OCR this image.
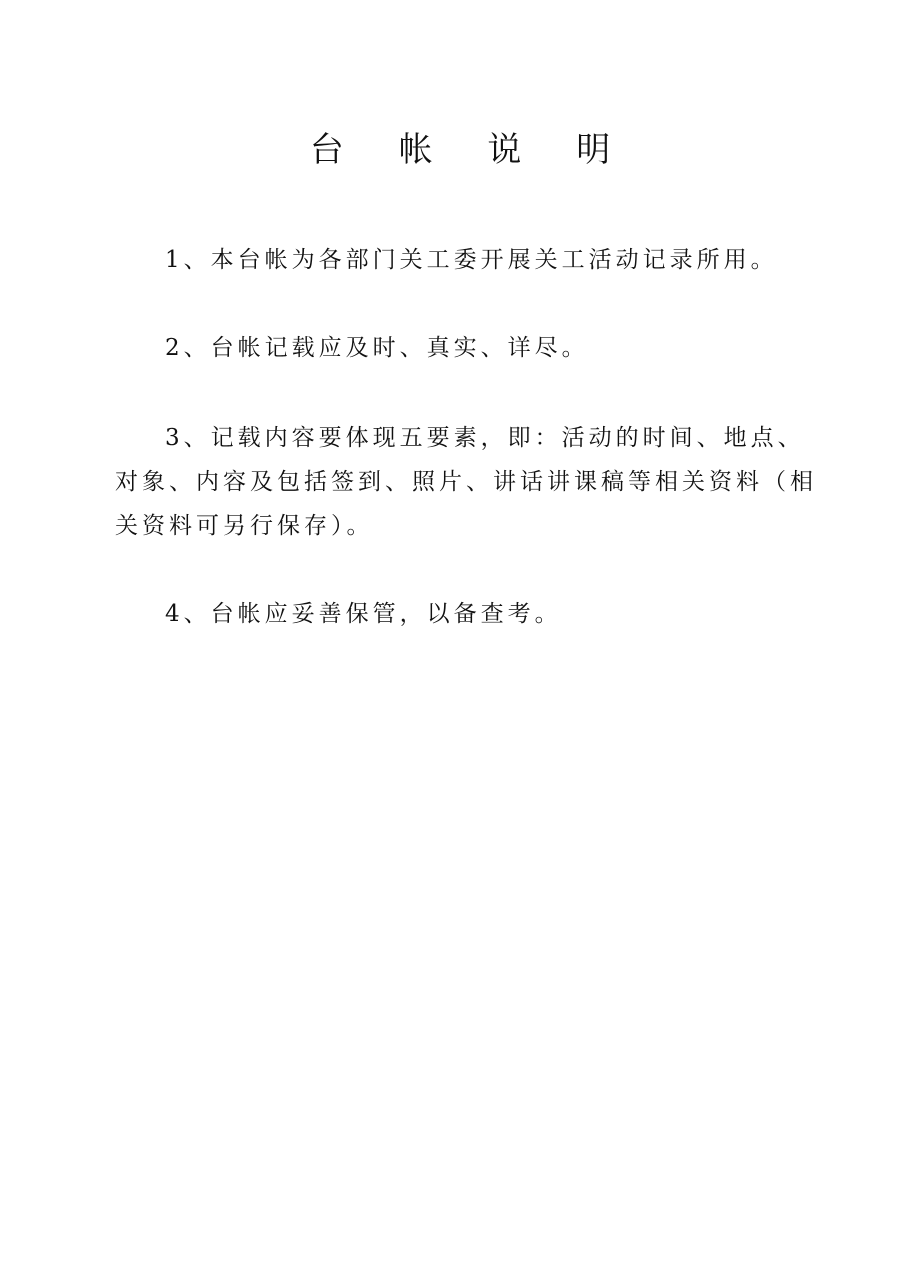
台 帐 说 明

1、本台帐为各部门关工委开展关工活动记录所用。

2、台帐记载应及时、真实、详尽。

3、记载内容要体现五要素，即：活动的时间、地点、对象、内容及包括签到、照片、讲话讲课稿等相关资料（相关资料可另行保存）。

4、台帐应妥善保管，以备查考。
